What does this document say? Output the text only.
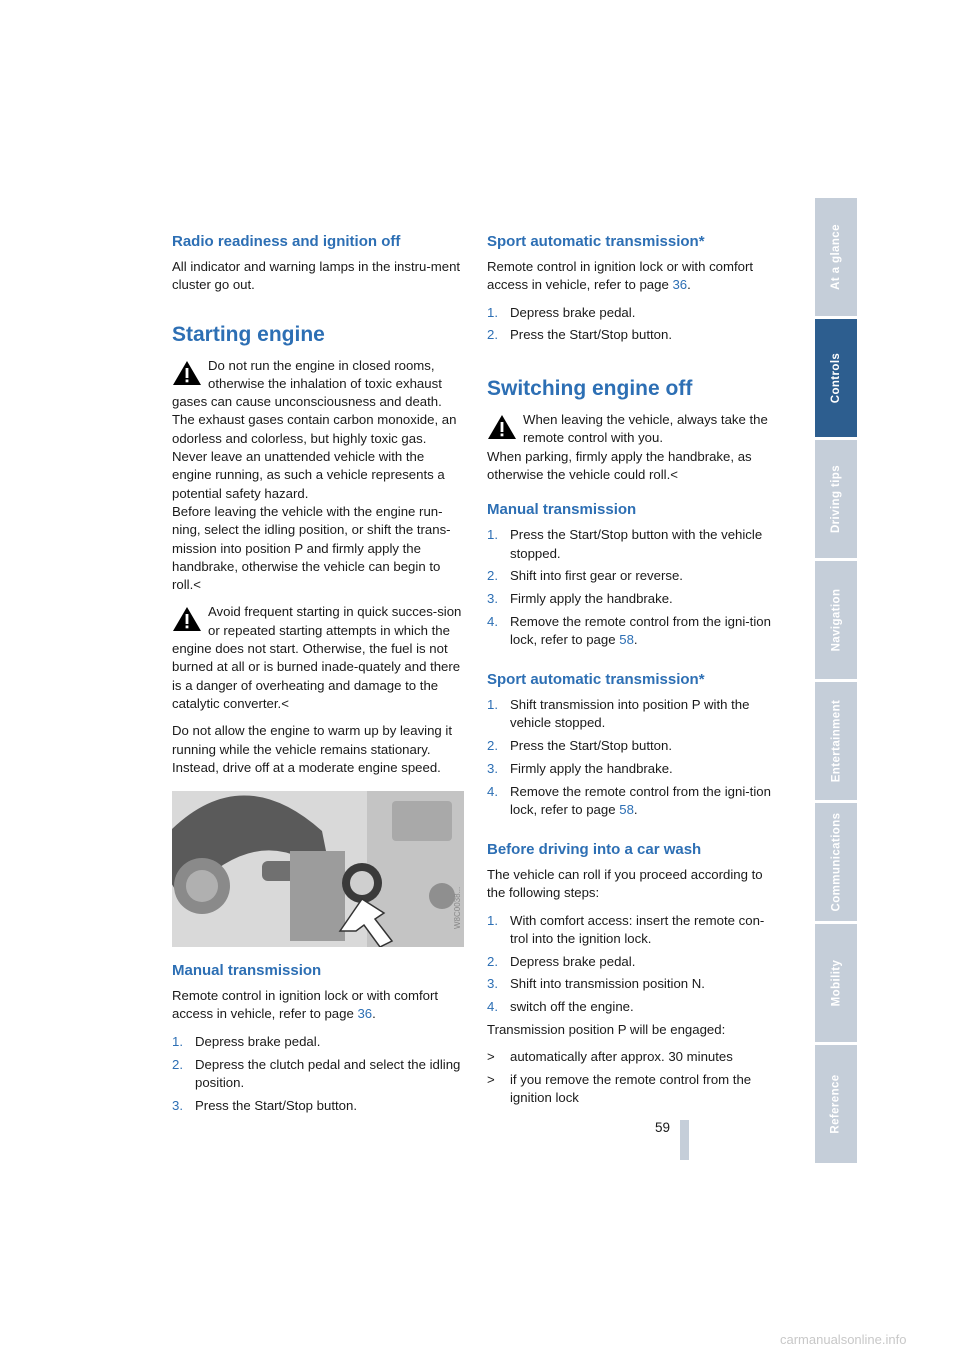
Radio readiness and ignition off

All indicator and warning lamps in the instru-ment cluster go out.

Starting engine

Do not run the engine in closed rooms, otherwise the inhalation of toxic exhaust gases can cause unconsciousness and death. The exhaust gases contain carbon monoxide, an odorless and colorless, but highly toxic gas. Never leave an unattended vehicle with the engine running, as such a vehicle represents a potential safety hazard.

Before leaving the vehicle with the engine run-ning, select the idling position, or shift the trans-mission into position P and firmly apply the handbrake, otherwise the vehicle can begin to roll.<

Avoid frequent starting in quick succes-sion or repeated starting attempts in which the engine does not start. Otherwise, the fuel is not burned at all or is burned inade-quately and there is a danger of overheating and damage to the catalytic converter.<

Do not allow the engine to warm up by leaving it running while the vehicle remains stationary. Instead, drive off at a moderate engine speed.

W8C0038...
Manual transmission

Remote control in ignition lock or with comfort access in vehicle, refer to page 36.

1. Depress brake pedal.
2. Depress the clutch pedal and select the idling position.
3. Press the Start/Stop button.
Sport automatic transmission*

Remote control in ignition lock or with comfort access in vehicle, refer to page 36.

1. Depress brake pedal.
2. Press the Start/Stop button.
Switching engine off

When leaving the vehicle, always take the remote control with you.

When parking, firmly apply the handbrake, as otherwise the vehicle could roll.<

Manual transmission
1. Press the Start/Stop button with the vehicle stopped.
2. Shift into first gear or reverse.
3. Firmly apply the handbrake.
4. Remove the remote control from the igni-tion lock, refer to page 58.
Sport automatic transmission*
1. Shift transmission into position P with the vehicle stopped.
2. Press the Start/Stop button.
3. Firmly apply the handbrake.
4. Remove the remote control from the igni-tion lock, refer to page 58.
Before driving into a car wash

The vehicle can roll if you proceed according to the following steps:

1. With comfort access: insert the remote con-trol into the ignition lock.
2. Depress brake pedal.
3. Shift into transmission position N.
4. switch off the engine.

Transmission position P will be engaged:

> automatically after approx. 30 minutes
> if you remove the remote control from the ignition lock
At a glance
Controls
Driving tips
Navigation
Entertainment
Communications
Mobility
Reference
59
carmanualsonline.info
